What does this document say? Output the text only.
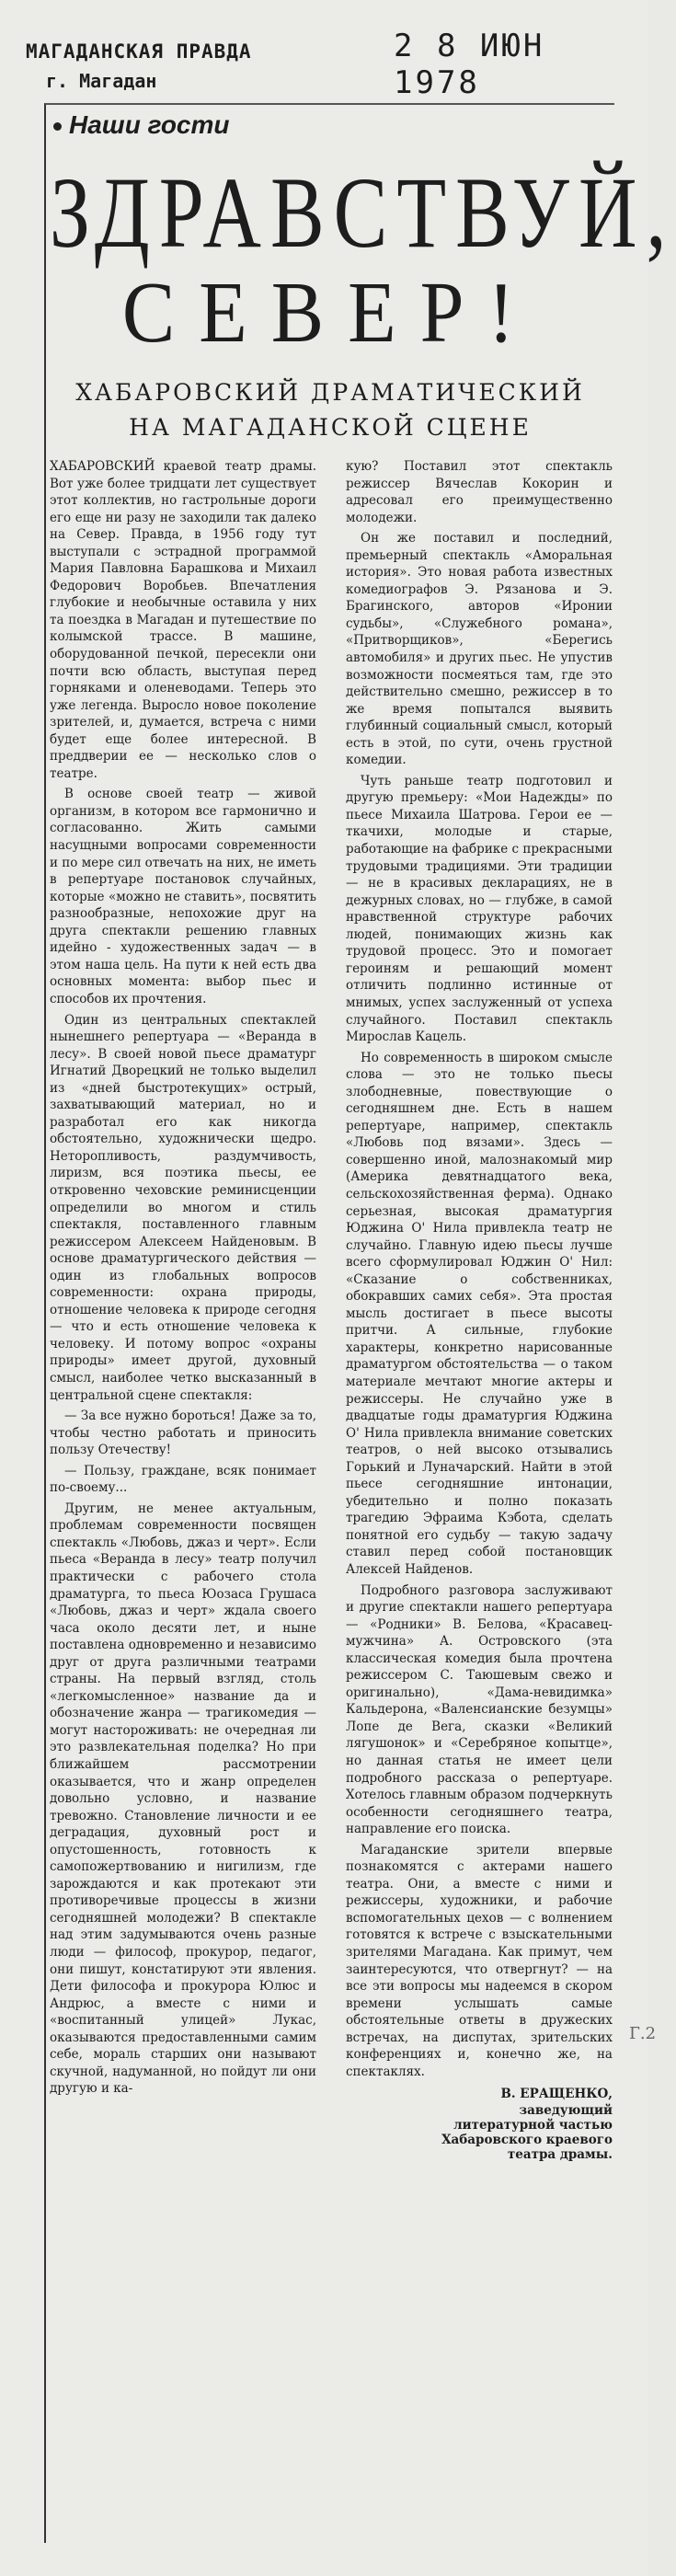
МАГАДАНСКАЯ ПРАВДА
г. Магадан
2 8 ИЮН 1978
Наши гости
ЗДРАВСТВУЙ,
СЕВЕР!
ХАБАРОВСКИЙ ДРАМАТИЧЕСКИЙ
НА МАГАДАНСКОЙ СЦЕНЕ

ХАБАРОВСКИЙ краевой театр драмы. Вот уже более тридцати лет существует этот коллектив, но гастрольные дороги его еще ни разу не заходили так далеко на Север. Правда, в 1956 году тут выступали с эстрадной программой Мария Павловна Барашкова и Михаил Федорович Воробьев. Впечатления глубокие и необычные оставила у них та поездка в Магадан и путешествие по колымской трассе. В машине, оборудованной печкой, пересекли они почти всю область, выступая перед горняками и оленеводами. Теперь это уже легенда. Выросло новое поколение зрителей, и, думается, встреча с ними будет еще более интересной. В преддверии ее — несколько слов о театре.

В основе своей театр — живой организм, в котором все гармонично и согласованно. Жить самыми насущными вопросами современности и по мере сил отвечать на них, не иметь в репертуаре постановок случайных, которые «можно не ставить», посвятить разнообразные, непохожие друг на друга спектакли решению главных идейно - художественных задач — в этом наша цель. На пути к ней есть два основных момента: выбор пьес и способов их прочтения.

Один из центральных спектаклей нынешнего репертуара — «Веранда в лесу». В своей новой пьесе драматург Игнатий Дворецкий не только выделил из «дней быстротекущих» острый, захватывающий материал, но и разработал его как никогда обстоятельно, художнически щедро. Неторопливость, раздумчивость, лиризм, вся поэтика пьесы, ее откровенно чеховские реминисценции определили во многом и стиль спектакля, поставленного главным режиссером Алексеем Найденовым. В основе драматургического действия — один из глобальных вопросов современности: охрана природы, отношение человека к природе сегодня — что и есть отношение человека к человеку. И потому вопрос «охраны природы» имеет другой, духовный смысл, наиболее четко высказанный в центральной сцене спектакля:

— За все нужно бороться! Даже за то, чтобы честно работать и приносить пользу Отечеству!

— Пользу, граждане, всяк понимает по-своему...

Другим, не менее актуальным, проблемам современности посвящен спектакль «Любовь, джаз и черт». Если пьеса «Веранда в лесу» театр получил практически с рабочего стола драматурга, то пьеса Юозаса Грушаса «Любовь, джаз и черт» ждала своего часа около десяти лет, и ныне поставлена одновременно и независимо друг от друга различными театрами страны. На первый взгляд, столь «легкомысленное» название да и обозначение жанра — трагикомедия — могут настороживать: не очередная ли это развлекательная поделка? Но при ближайшем рассмотрении оказывается, что и жанр определен довольно условно, и название тревожно. Становление личности и ее деградация, духовный рост и опустошенность, готовность к самопожертвованию и нигилизм, где зарождаются и как протекают эти противоречивые процессы в жизни сегодняшней молодежи? В спектакле над этим задумываются очень разные люди — философ, прокурор, педагог, они пишут, констатируют эти явления. Дети философа и прокурора Юлюс и Андрюс, а вместе с ними и «воспитанный улицей» Лукас, оказываются предоставленными самим себе, мораль старших они называют скучной, надуманной, но пойдут ли они другую и ка-

кую? Поставил этот спектакль режиссер Вячеслав Кокорин и адресовал его преимущественно молодежи.

Он же поставил и последний, премьерный спектакль «Аморальная история». Это новая работа известных комедиографов Э. Рязанова и Э. Брагинского, авторов «Иронии судьбы», «Служебного романа», «Притворщиков», «Берегись автомобиля» и других пьес. Не упустив возможности посмеяться там, где это действительно смешно, режиссер в то же время попытался выявить глубинный социальный смысл, который есть в этой, по сути, очень грустной комедии.

Чуть раньше театр подготовил и другую премьеру: «Мои Надежды» по пьесе Михаила Шатрова. Герои ее — ткачихи, молодые и старые, работающие на фабрике с прекрасными трудовыми традициями. Эти традиции — не в красивых декларациях, не в дежурных словах, но — глубже, в самой нравственной структуре рабочих людей, понимающих жизнь как трудовой процесс. Это и помогает героиням и решающий момент отличить подлинно истинные от мнимых, успех заслуженный от успеха случайного. Поставил спектакль Мирослав Кацель.

Но современность в широком смысле слова — это не только пьесы злободневные, повествующие о сегодняшнем дне. Есть в нашем репертуаре, например, спектакль «Любовь под вязами». Здесь — совершенно иной, малознакомый мир (Америка девятнадцатого века, сельскохозяйственная ферма). Однако серьезная, высокая драматургия Юджина О' Нила привлекла театр не случайно. Главную идею пьесы лучше всего сформулировал Юджин О' Нил: «Сказание о собственниках, обокравших самих себя». Эта простая мысль достигает в пьесе высоты притчи. А сильные, глубокие характеры, конкретно нарисованные драматургом обстоятельства — о таком материале мечтают многие актеры и режиссеры. Не случайно уже в двадцатые годы драматургия Юджина О' Нила привлекла внимание советских театров, о ней высоко отзывались Горький и Луначарский. Найти в этой пьесе сегодняшние интонации, убедительно и полно показать трагедию Эфраима Кэбота, сделать понятной его судьбу — такую задачу ставил перед собой постановщик Алексей Найденов.

Подробного разговора заслуживают и другие спектакли нашего репертуара — «Родники» В. Белова, «Красавец-мужчина» А. Островского (эта классическая комедия была прочтена режиссером С. Таюшевым свежо и оригинально), «Дама-невидимка» Кальдерона, «Валенсианские безумцы» Лопе де Вега, сказки «Великий лягушонок» и «Серебряное копытце», но данная статья не имеет цели подробного рассказа о репертуаре. Хотелось главным образом подчеркнуть особенности сегодняшнего театра, направление его поиска.

Магаданские зрители впервые познакомятся с актерами нашего театра. Они, а вместе с ними и режиссеры, художники, и рабочие вспомогательных цехов — с волнением готовятся к встрече с взыскательными зрителями Магадана. Как примут, чем заинтересуются, что отвергнут? — на все эти вопросы мы надеемся в скором времени услышать самые обстоятельные ответы в дружеских встречах, на диспутах, зрительских конференциях и, конечно же, на спектаклях.

В. ЕРАЩЕНКО,
заведующий
литературной частью
Хабаровского краевого
театра драмы.
Г.2
